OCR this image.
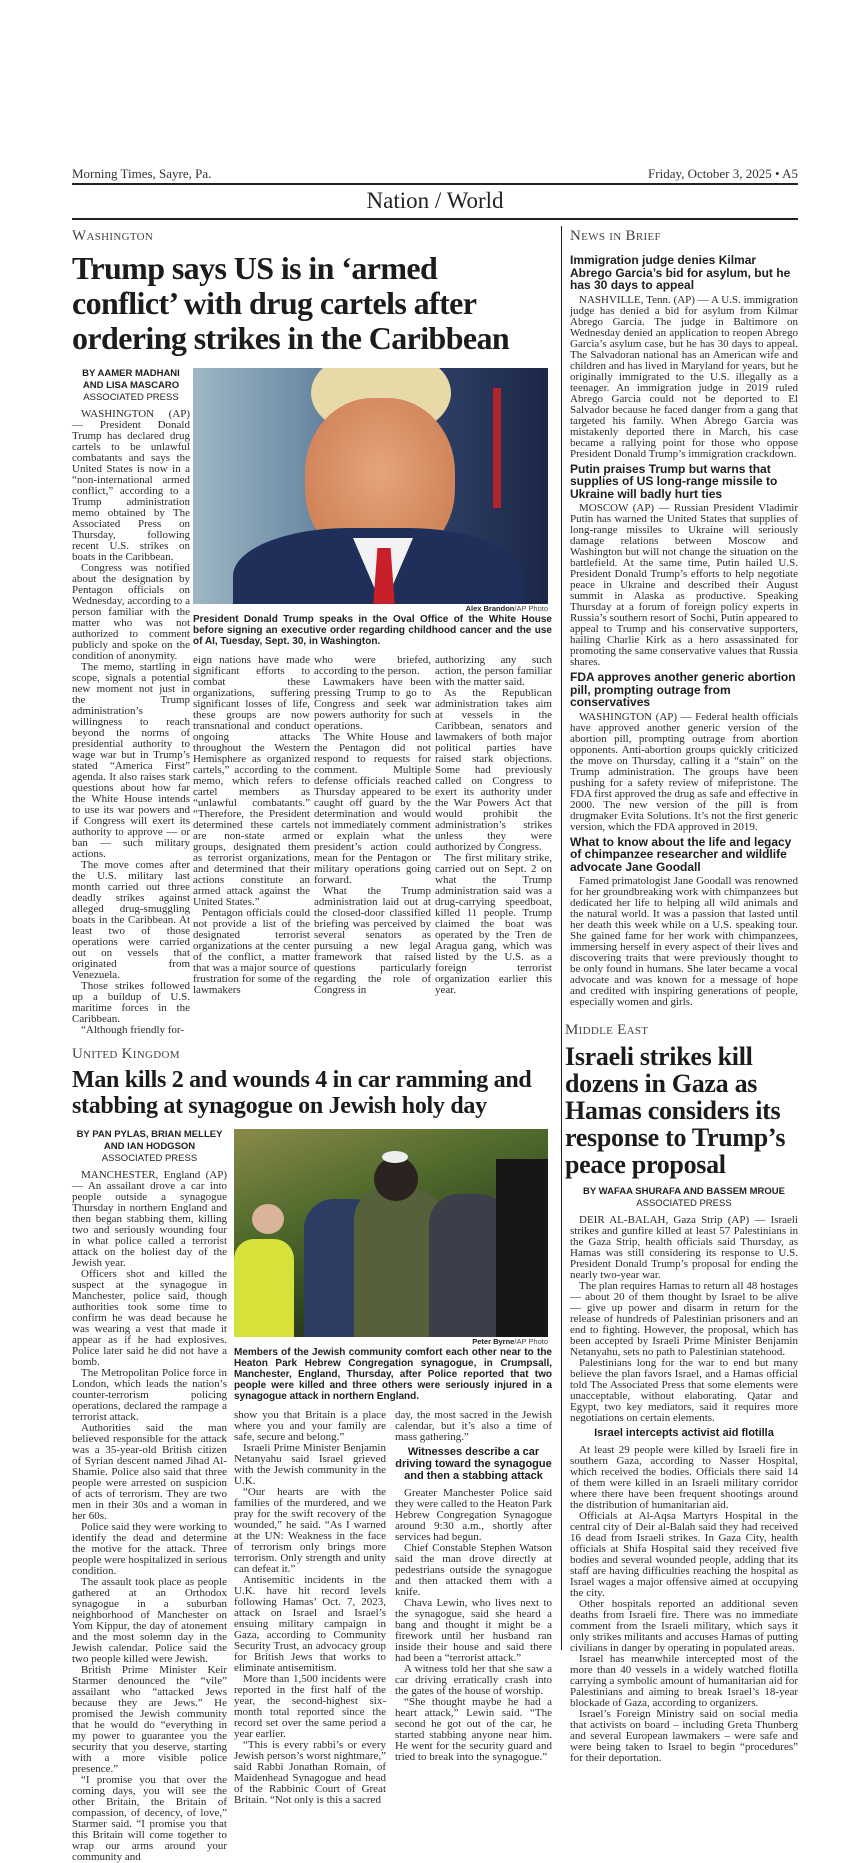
Morning Times, Sayre, Pa.	Friday, October 3, 2025 • A5
Nation / World
Washington
Trump says US is in ‘armed
conflict’ with drug cartels after
ordering strikes in the Caribbean
BY AAMER MADHANI
AND LISA MASCARO
ASSOCIATED PRESS

WASHINGTON (AP) — President Donald Trump has declared drug cartels to be unlawful combatants and says the United States is now in a “non-international armed conflict,” according to a Trump administration memo obtained by The Associated Press on Thursday, following recent U.S. strikes on boats in the Caribbean.

Congress was notified about the designation by Pentagon officials on Wednesday, according to a person familiar with the matter who was not authorized to comment publicly and spoke on the condition of anonymity.

The memo, startling in scope, signals a potential new moment not just in the Trump administration’s willingness to reach beyond the norms of presidential authority to wage war but in Trump’s stated “America First” agenda. It also raises stark questions about how far the White House intends to use its war powers and if Congress will exert its authority to approve — or ban — such military actions.

The move comes after the U.S. military last month carried out three deadly strikes against alleged drug-smuggling boats in the Caribbean. At least two of those operations were carried out on vessels that originated from Venezuela.

Those strikes followed up a buildup of U.S. maritime forces in the Caribbean.

“Although friendly for-

Alex Brandon/AP Photo
President Donald Trump speaks in the Oval Office of the White House before signing an executive order regarding childhood cancer and the use of AI, Tuesday, Sept. 30, in Washington.

eign nations have made significant efforts to combat these organizations, suffering significant losses of life, these groups are now transnational and conduct ongoing attacks throughout the Western Hemisphere as organized cartels,” according to the memo, which refers to cartel members as “unlawful combatants.” “Therefore, the President determined these cartels are non-state armed groups, designated them as terrorist organizations, and determined that their actions constitute an armed attack against the United States.”

Pentagon officials could not provide a list of the designated terrorist organizations at the center of the conflict, a matter that was a major source of frustration for some of the lawmakers

who were briefed, according to the person.

Lawmakers have been pressing Trump to go to Congress and seek war powers authority for such operations.

The White House and the Pentagon did not respond to requests for comment. Multiple defense officials reached Thursday appeared to be caught off guard by the determination and would not immediately comment or explain what the president’s action could mean for the Pentagon or military operations going forward.

What the Trump administration laid out at the closed-door classified briefing was perceived by several senators as pursuing a new legal framework that raised questions particularly regarding the role of Congress in

authorizing any such action, the person familiar with the matter said.

As the Republican administration takes aim at vessels in the Caribbean, senators and lawmakers of both major political parties have raised stark objections. Some had previously called on Congress to exert its authority under the War Powers Act that would prohibit the administration’s strikes unless they were authorized by Congress.

The first military strike, carried out on Sept. 2 on what the Trump administration said was a drug-carrying speedboat, killed 11 people. Trump claimed the boat was operated by the Tren de Aragua gang, which was listed by the U.S. as a foreign terrorist organization earlier this year.

United Kingdom
Man kills 2 and wounds 4 in car ramming and
stabbing at synagogue on Jewish holy day
BY PAN PYLAS, BRIAN MELLEY
AND IAN HODGSON
ASSOCIATED PRESS

MANCHESTER, England (AP) — An assailant drove a car into people outside a synagogue Thursday in northern England and then began stabbing them, killing two and seriously wounding four in what police called a terrorist attack on the holiest day of the Jewish year.

Officers shot and killed the suspect at the synagogue in Manchester, police said, though authorities took some time to confirm he was dead because he was wearing a vest that made it appear as if he had explosives. Police later said he did not have a bomb.

The Metropolitan Police force in London, which leads the nation’s counter-terrorism policing operations, declared the rampage a terrorist attack.

Authorities said the man believed responsible for the attack was a 35-year-old British citizen of Syrian descent named Jihad Al-Shamie. Police also said that three people were arrested on suspicion of acts of terrorism. They are two men in their 30s and a woman in her 60s.

Police said they were working to identify the dead and determine the motive for the attack. Three people were hospitalized in serious condition.

The assault took place as people gathered at an Orthodox synagogue in a suburban neighborhood of Manchester on Yom Kippur, the day of atonement and the most solemn day in the Jewish calendar. Police said the two people killed were Jewish.

British Prime Minister Keir Starmer denounced the “vile” assailant who “attacked Jews because they are Jews.” He promised the Jewish community that he would do “everything in my power to guarantee you the security that you deserve, starting with a more visible police presence.”

“I promise you that over the coming days, you will see the other Britain, the Britain of compassion, of decency, of love,” Starmer said. “I promise you that this Britain will come together to wrap our arms around your community and

Peter Byrne/AP Photo
Members of the Jewish community comfort each other near to the Heaton Park Hebrew Congregation synagogue, in Crumpsall, Manchester, England, Thursday, after Police reported that two people were killed and three others were seriously injured in a synagogue attack in northern England.

show you that Britain is a place where you and your family are safe, secure and belong.”

Israeli Prime Minister Benjamin Netanyahu said Israel grieved with the Jewish community in the U.K.

“Our hearts are with the families of the murdered, and we pray for the swift recovery of the wounded,” he said. “As I warned at the UN: Weakness in the face of terrorism only brings more terrorism. Only strength and unity can defeat it.”

Antisemitic incidents in the U.K. have hit record levels following Hamas’ Oct. 7, 2023, attack on Israel and Israel’s ensuing military campaign in Gaza, according to Community Security Trust, an advocacy group for British Jews that works to eliminate antisemitism.

More than 1,500 incidents were reported in the first half of the year, the second-highest six-month total reported since the record set over the same period a year earlier.

“This is every rabbi’s or every Jewish person’s worst nightmare,” said Rabbi Jonathan Romain, of Maidenhead Synagogue and head of the Rabbinic Court of Great Britain. “Not only is this a sacred

day, the most sacred in the Jewish calendar, but it’s also a time of mass gathering.”

Witnesses describe a car driving toward the synagogue and then a stabbing attack

Greater Manchester Police said they were called to the Heaton Park Hebrew Congregation Synagogue around 9:30 a.m., shortly after services had begun.

Chief Constable Stephen Watson said the man drove directly at pedestrians outside the synagogue and then attacked them with a knife.

Chava Lewin, who lives next to the synagogue, said she heard a bang and thought it might be a firework until her husband ran inside their house and said there had been a “terrorist attack.”

A witness told her that she saw a car driving erratically crash into the gates of the house of worship.

“She thought maybe he had a heart attack,” Lewin said. “The second he got out of the car, he started stabbing anyone near him. He went for the security guard and tried to break into the synagogue.”

News in Brief
Immigration judge denies Kilmar Abrego Garcia’s bid for asylum, but he has 30 days to appeal

NASHVILLE, Tenn. (AP) — A U.S. immigration judge has denied a bid for asylum from Kilmar Abrego Garcia. The judge in Baltimore on Wednesday denied an application to reopen Abrego Garcia’s asylum case, but he has 30 days to appeal. The Salvadoran national has an American wife and children and has lived in Maryland for years, but he originally immigrated to the U.S. illegally as a teenager. An immigration judge in 2019 ruled Abrego Garcia could not be deported to El Salvador because he faced danger from a gang that targeted his family. When Abrego Garcia was mistakenly deported there in March, his case became a rallying point for those who oppose President Donald Trump’s immigration crackdown.

Putin praises Trump but warns that supplies of US long-range missile to Ukraine will badly hurt ties

MOSCOW (AP) — Russian President Vladimir Putin has warned the United States that supplies of long-range missiles to Ukraine will seriously damage relations between Moscow and Washington but will not change the situation on the battlefield. At the same time, Putin hailed U.S. President Donald Trump’s efforts to help negotiate peace in Ukraine and described their August summit in Alaska as productive. Speaking Thursday at a forum of foreign policy experts in Russia’s southern resort of Sochi, Putin appeared to appeal to Trump and his conservative supporters, hailing Charlie Kirk as a hero assassinated for promoting the same conservative values that Russia shares.

FDA approves another generic abortion pill, prompting outrage from conservatives

WASHINGTON (AP) — Federal health officials have approved another generic version of the abortion pill, prompting outrage from abortion opponents. Anti-abortion groups quickly criticized the move on Thursday, calling it a “stain” on the Trump administration. The groups have been pushing for a safety review of mifepristone. The FDA first approved the drug as safe and effective in 2000. The new version of the pill is from drugmaker Evita Solutions. It’s not the first generic version, which the FDA approved in 2019.

What to know about the life and legacy of chimpanzee researcher and wildlife advocate Jane Goodall

Famed primatologist Jane Goodall was renowned for her groundbreaking work with chimpanzees but dedicated her life to helping all wild animals and the natural world. It was a passion that lasted until her death this week while on a U.S. speaking tour. She gained fame for her work with chimpanzees, immersing herself in every aspect of their lives and discovering traits that were previously thought to be only found in humans. She later became a vocal advocate and was known for a message of hope and credited with inspiring generations of people, especially women and girls.

Middle East
Israeli strikes kill
dozens in Gaza as
Hamas considers its
response to Trump’s
peace proposal
BY WAFAA SHURAFA AND BASSEM MROUE
ASSOCIATED PRESS

DEIR AL-BALAH, Gaza Strip (AP) — Israeli strikes and gunfire killed at least 57 Palestinians in the Gaza Strip, health officials said Thursday, as Hamas was still considering its response to U.S. President Donald Trump’s proposal for ending the nearly two-year war.

The plan requires Hamas to return all 48 hostages — about 20 of them thought by Israel to be alive — give up power and disarm in return for the release of hundreds of Palestinian prisoners and an end to fighting. However, the proposal, which has been accepted by Israeli Prime Minister Benjamin Netanyahu, sets no path to Palestinian statehood.

Palestinians long for the war to end but many believe the plan favors Israel, and a Hamas official told The Associated Press that some elements were unacceptable, without elaborating. Qatar and Egypt, two key mediators, said it requires more negotiations on certain elements.

Israel intercepts activist aid flotilla

At least 29 people were killed by Israeli fire in southern Gaza, according to Nasser Hospital, which received the bodies. Officials there said 14 of them were killed in an Israeli military corridor where there have been frequent shootings around the distribution of humanitarian aid.

Officials at Al-Aqsa Martyrs Hospital in the central city of Deir al-Balah said they had received 16 dead from Israeli strikes. In Gaza City, health officials at Shifa Hospital said they received five bodies and several wounded people, adding that its staff are having difficulties reaching the hospital as Israel wages a major offensive aimed at occupying the city.

Other hospitals reported an additional seven deaths from Israeli fire. There was no immediate comment from the Israeli military, which says it only strikes militants and accuses Hamas of putting civilians in danger by operating in populated areas.

Israel has meanwhile intercepted most of the more than 40 vessels in a widely watched flotilla carrying a symbolic amount of humanitarian aid for Palestinians and aiming to break Israel’s 18-year blockade of Gaza, according to organizers.

Israel’s Foreign Ministry said on social media that activists on board – including Greta Thunberg and several European lawmakers – were safe and were being taken to Israel to begin “procedures” for their deportation.
